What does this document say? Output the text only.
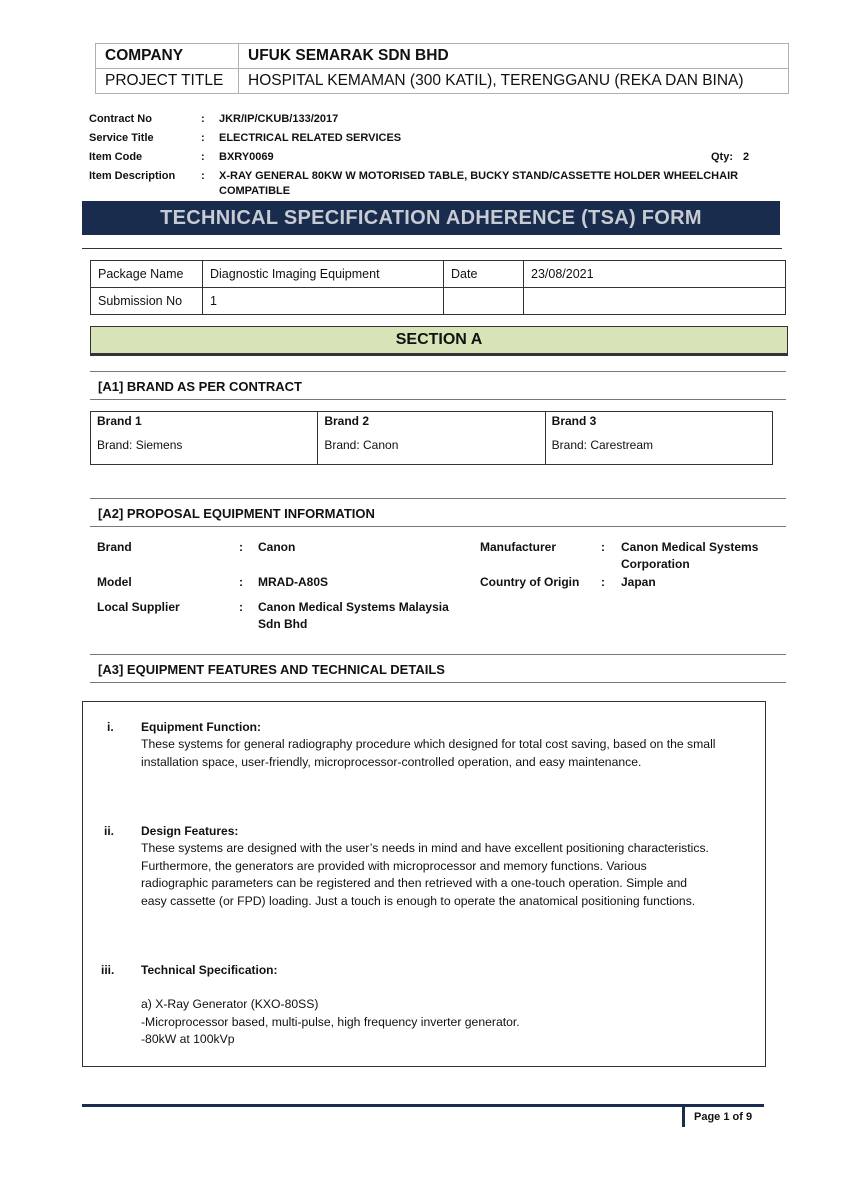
COMPANY	UFUK SEMARAK SDN BHD
PROJECT TITLE	HOSPITAL KEMAMAN (300 KATIL), TERENGGANU (REKA DAN BINA)
Contract No	: JKR/IP/CKUB/133/2017
Service Title	: ELECTRICAL RELATED SERVICES
Item Code	: BXRY0069	Qty: 2
Item Description : X-RAY GENERAL 80KW W MOTORISED TABLE, BUCKY STAND/CASSETTE HOLDER WHEELCHAIR
COMPATIBLE
TECHNICAL SPECIFICATION ADHERENCE (TSA) FORM
Package Name	Diagnostic Imaging Equipment	Date	23/08/2021
Submission No	1		
SECTION A
[A1] BRAND AS PER CONTRACT
Brand 1
Brand: Siemens	
Brand 2
Brand: Canon	
Brand 3
Brand: Carestream
[A2] PROPOSAL EQUIPMENT INFORMATION
Brand	: Canon	Manufacturer	: Canon Medical Systems
Corporation
Model	: MRAD-A80S	Country of Origin : Japan
Local Supplier	: Canon Medical Systems Malaysia
Sdn Bhd
[A3] EQUIPMENT FEATURES AND TECHNICAL DETAILS
i. Equipment Function:
These systems for general radiography procedure which designed for total cost saving, based on the small
installation space, user-friendly, microprocessor-controlled operation, and easy maintenance.
ii. Design Features:
These systems are designed with the user’s needs in mind and have excellent positioning characteristics.
Furthermore, the generators are provided with microprocessor and memory functions. Various
radiographic parameters can be registered and then retrieved with a one-touch operation. Simple and
easy cassette (or FPD) loading. Just a touch is enough to operate the anatomical positioning functions.
iii. Technical Specification:
a) X-Ray Generator (KXO-80SS)
-Microprocessor based, multi-pulse, high frequency inverter generator.
-80kW at 100kVp
Page 1 of 9
